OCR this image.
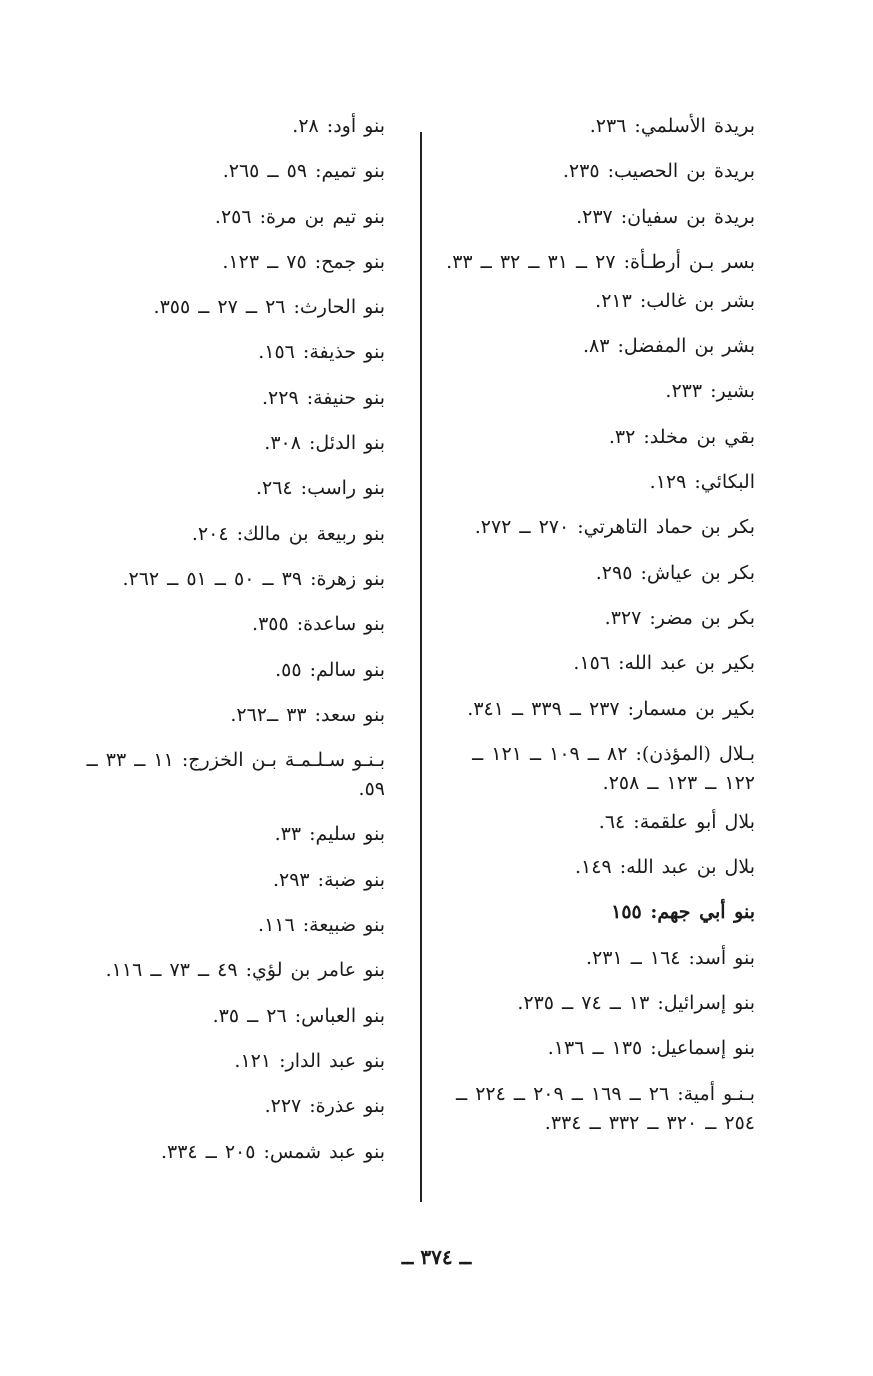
بريدة الأسلمي: ٢٣٦.

بريدة بن الحصيب: ٢٣٥.

بريدة بن سفيان: ٢٣٧.

بسر بـن أرطـأة: ٢٧ ــ ٣١ ــ ٣٢ ــ ٣٣.

بشر بن غالب: ٢١٣.

بشر بن المفضل: ٨٣.

بشير: ٢٣٣.

بقي بن مخلد: ٣٢.

البكائي: ١٢٩.

بكر بن حماد التاهرتي: ٢٧٠ ــ ٢٧٢.

بكر بن عياش: ٢٩٥.

بكر بن مضر: ٣٢٧.

بكير بن عبد الله: ١٥٦.

بكير بن مسمار: ٢٣٧ ــ ٣٣٩ ــ ٣٤١.

بـلال (المؤذن): ٨٢ ــ ١٠٩ ــ ١٢١ ــ ١٢٢ ــ ١٢٣ ــ ٢٥٨.

بلال أبو علقمة: ٦٤.

بلال بن عبد الله: ١٤٩.

بنو أبي جهم: ١٥٥

بنو أسد: ١٦٤ ــ ٢٣١.

بنو إسرائيل: ١٣ ــ ٧٤ ــ ٢٣٥.

بنو إسماعيل: ١٣٥ ــ ١٣٦.

بـنـو أمية: ٢٦ ــ ١٦٩ ــ ٢٠٩ ــ ٢٢٤ ــ ٢٥٤ ــ ٣٢٠ ــ ٣٣٢ ــ ٣٣٤.

بنو أود: ٢٨.

بنو تميم: ٥٩ ــ ٢٦٥.

بنو تيم بن مرة: ٢٥٦.

بنو جمح: ٧٥ ــ ١٢٣.

بنو الحارث: ٢٦ ــ ٢٧ ــ ٣٥٥.

بنو حذيفة: ١٥٦.

بنو حنيفة: ٢٢٩.

بنو الدئل: ٣٠٨.

بنو راسب: ٢٦٤.

بنو ربيعة بن مالك: ٢٠٤.

بنو زهرة: ٣٩ ــ ٥٠ ــ ٥١ ــ ٢٦٢.

بنو ساعدة: ٣٥٥.

بنو سالم: ٥٥.

بنو سعد: ٣٣ ــ٢٦٢.

بـنـو سـلـمـة بـن الخزرج: ١١ ــ ٣٣ ــ ٥٩.

بنو سليم: ٣٣.

بنو ضبة: ٢٩٣.

بنو ضبيعة: ١١٦.

بنو عامر بن لؤي: ٤٩ ــ ٧٣ ــ ١١٦.

بنو العباس: ٢٦ ــ ٣٥.

بنو عبد الدار: ١٢١.

بنو عذرة: ٢٢٧.

بنو عبد شمس: ٢٠٥ ــ ٣٣٤.

ــ ٣٧٤ ــ
